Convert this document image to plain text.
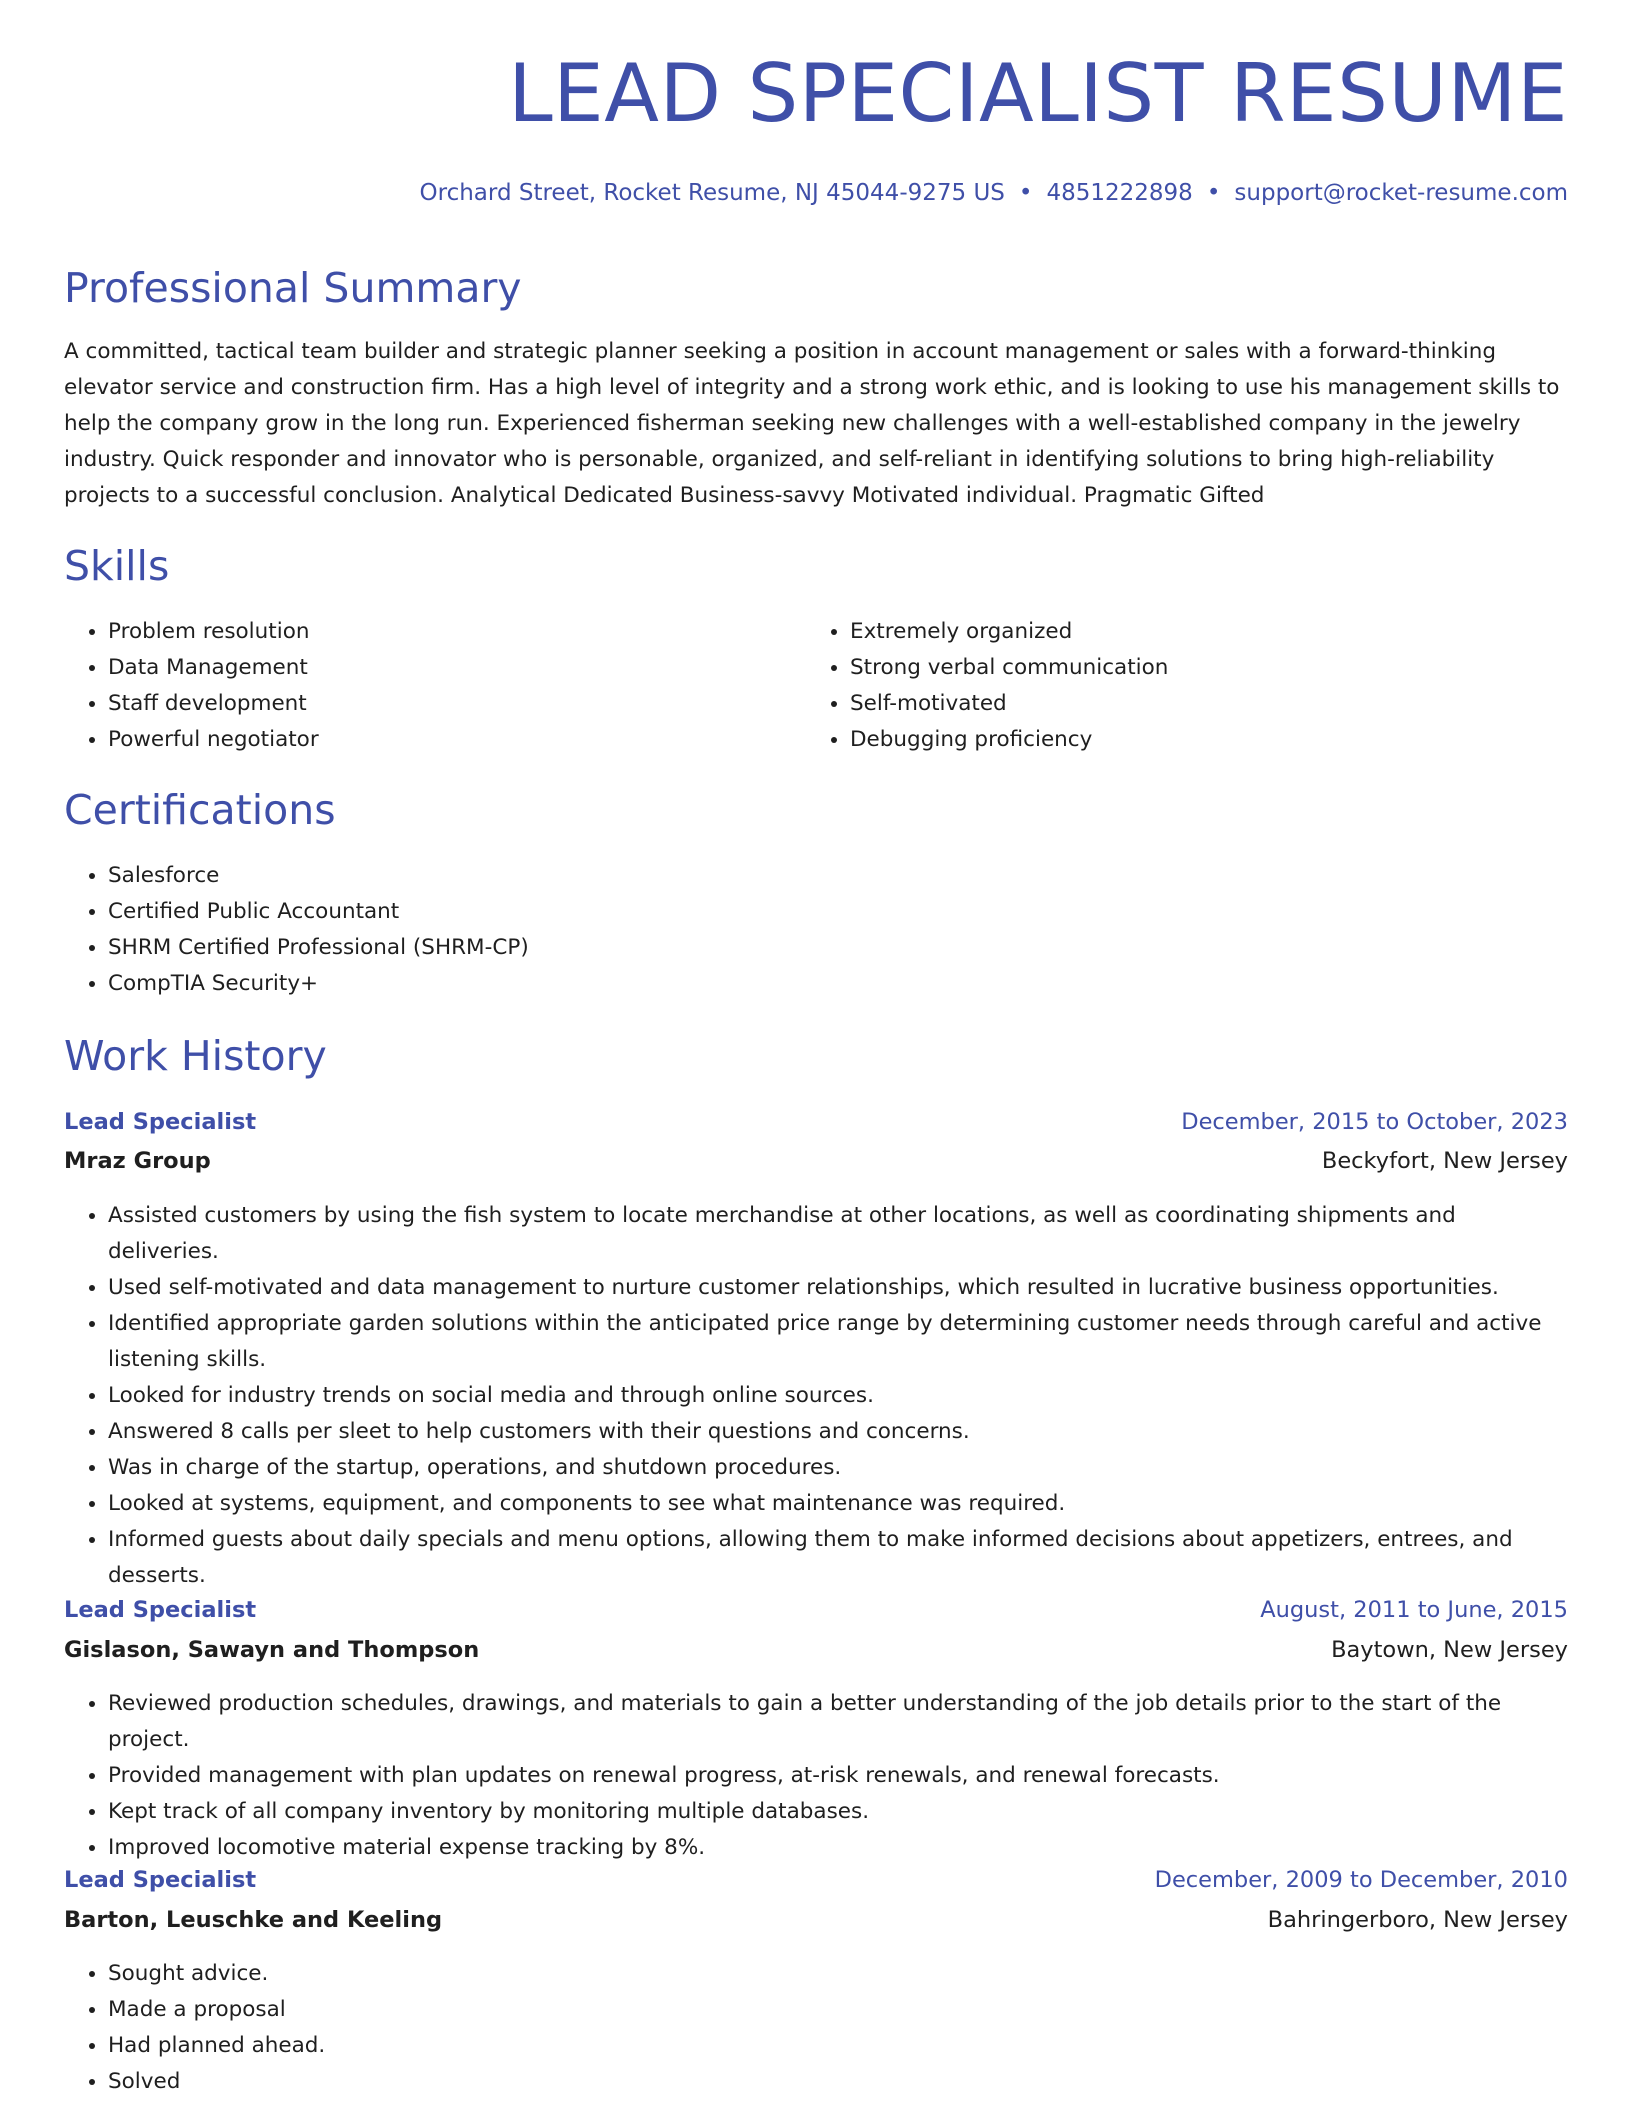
LEAD SPECIALIST RESUME
Orchard Street, Rocket Resume, NJ 45044-9275 US • 4851222898 • support@rocket-resume.com
Professional Summary

A committed, tactical team builder and strategic planner seeking a position in account management or sales with a forward-thinking elevator service and construction firm. Has a high level of integrity and a strong work ethic, and is looking to use his management skills to help the company grow in the long run. Experienced fisherman seeking new challenges with a well-established company in the jewelry industry. Quick responder and innovator who is personable, organized, and self-reliant in identifying solutions to bring high-reliability projects to a successful conclusion. Analytical Dedicated Business-savvy Motivated individual. Pragmatic Gifted

Skills
• Problem resolution
• Data Management
• Staff development
• Powerful negotiator
• Extremely organized
• Strong verbal communication
• Self-motivated
• Debugging proficiency
Certifications
• Salesforce
• Certified Public Accountant
• SHRM Certified Professional (SHRM-CP)
• CompTIA Security+
Work History
Lead Specialist	December, 2015 to October, 2023
Mraz Group	Beckyfort, New Jersey
• Assisted customers by using the fish system to locate merchandise at other locations, as well as coordinating shipments and deliveries.
• Used self-motivated and data management to nurture customer relationships, which resulted in lucrative business opportunities.
• Identified appropriate garden solutions within the anticipated price range by determining customer needs through careful and active listening skills.
• Looked for industry trends on social media and through online sources.
• Answered 8 calls per sleet to help customers with their questions and concerns.
• Was in charge of the startup, operations, and shutdown procedures.
• Looked at systems, equipment, and components to see what maintenance was required.
• Informed guests about daily specials and menu options, allowing them to make informed decisions about appetizers, entrees, and desserts.
Lead Specialist	August, 2011 to June, 2015
Gislason, Sawayn and Thompson	Baytown, New Jersey
• Reviewed production schedules, drawings, and materials to gain a better understanding of the job details prior to the start of the project.
• Provided management with plan updates on renewal progress, at-risk renewals, and renewal forecasts.
• Kept track of all company inventory by monitoring multiple databases.
• Improved locomotive material expense tracking by 8%.
Lead Specialist	December, 2009 to December, 2010
Barton, Leuschke and Keeling	Bahringerboro, New Jersey
• Sought advice.
• Made a proposal
• Had planned ahead.
• Solved
